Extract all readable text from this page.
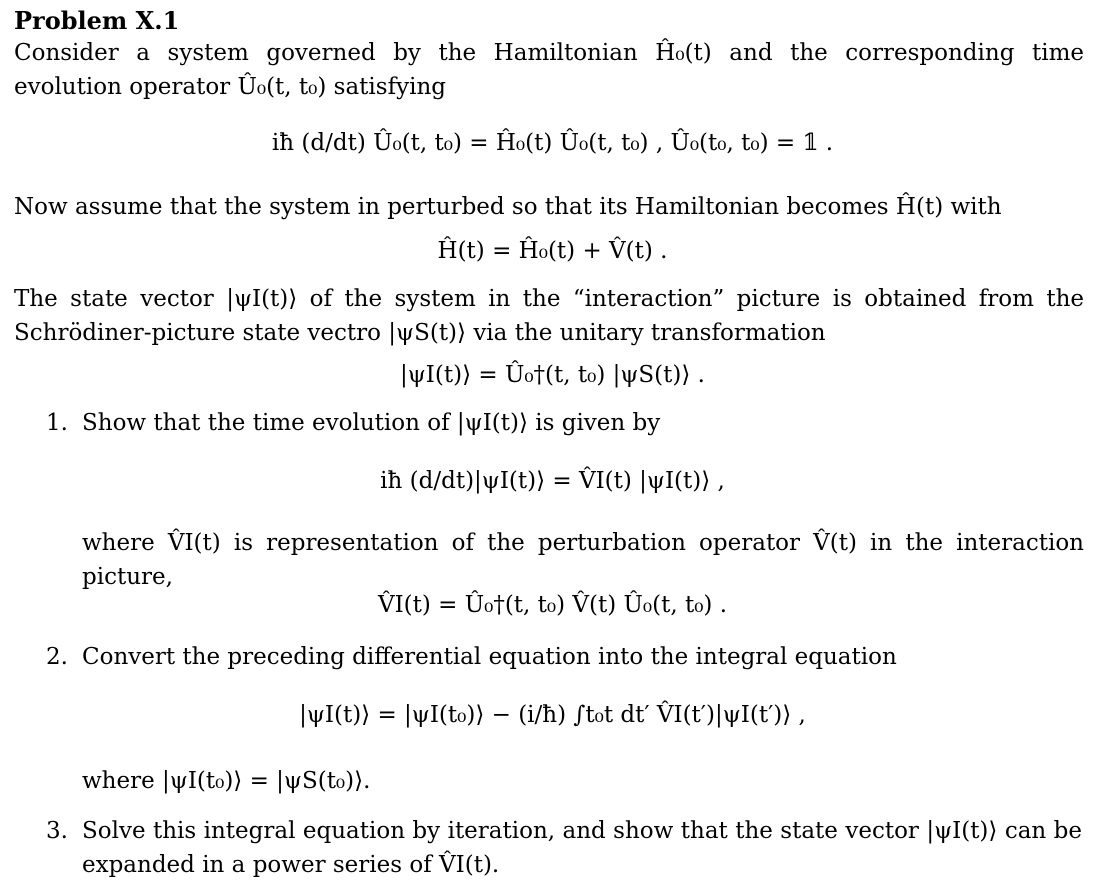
Problem X.1
Consider a system governed by the Hamiltonian Ĥ₀(t) and the corresponding time evolution operator Û₀(t, t₀) satisfying
iħ (d/dt) Û₀(t, t₀) = Ĥ₀(t) Û₀(t, t₀) , Û₀(t₀, t₀) = 𝟙 .
Now assume that the system in perturbed so that its Hamiltonian becomes Ĥ(t) with
Ĥ(t) = Ĥ₀(t) + V̂(t) .
The state vector |ψI(t)⟩ of the system in the “interaction” picture is obtained from the Schrödiner-picture state vectro |ψS(t)⟩ via the unitary transformation
|ψI(t)⟩ = Û₀†(t, t₀) |ψS(t)⟩ .
1. Show that the time evolution of |ψI(t)⟩ is given by
iħ (d/dt)|ψI(t)⟩ = V̂I(t) |ψI(t)⟩ ,
where V̂I(t) is representation of the perturbation operator V̂(t) in the interaction picture,
V̂I(t) = Û₀†(t, t₀) V̂(t) Û₀(t, t₀) .
2. Convert the preceding differential equation into the integral equation
|ψI(t)⟩ = |ψI(t₀)⟩ − (i/ħ) ∫t₀t dt′ V̂I(t′)|ψI(t′)⟩ ,
where |ψI(t₀)⟩ = |ψS(t₀)⟩.
3. Solve this integral equation by iteration, and show that the state vector |ψI(t)⟩ can be expanded in a power series of V̂I(t).
